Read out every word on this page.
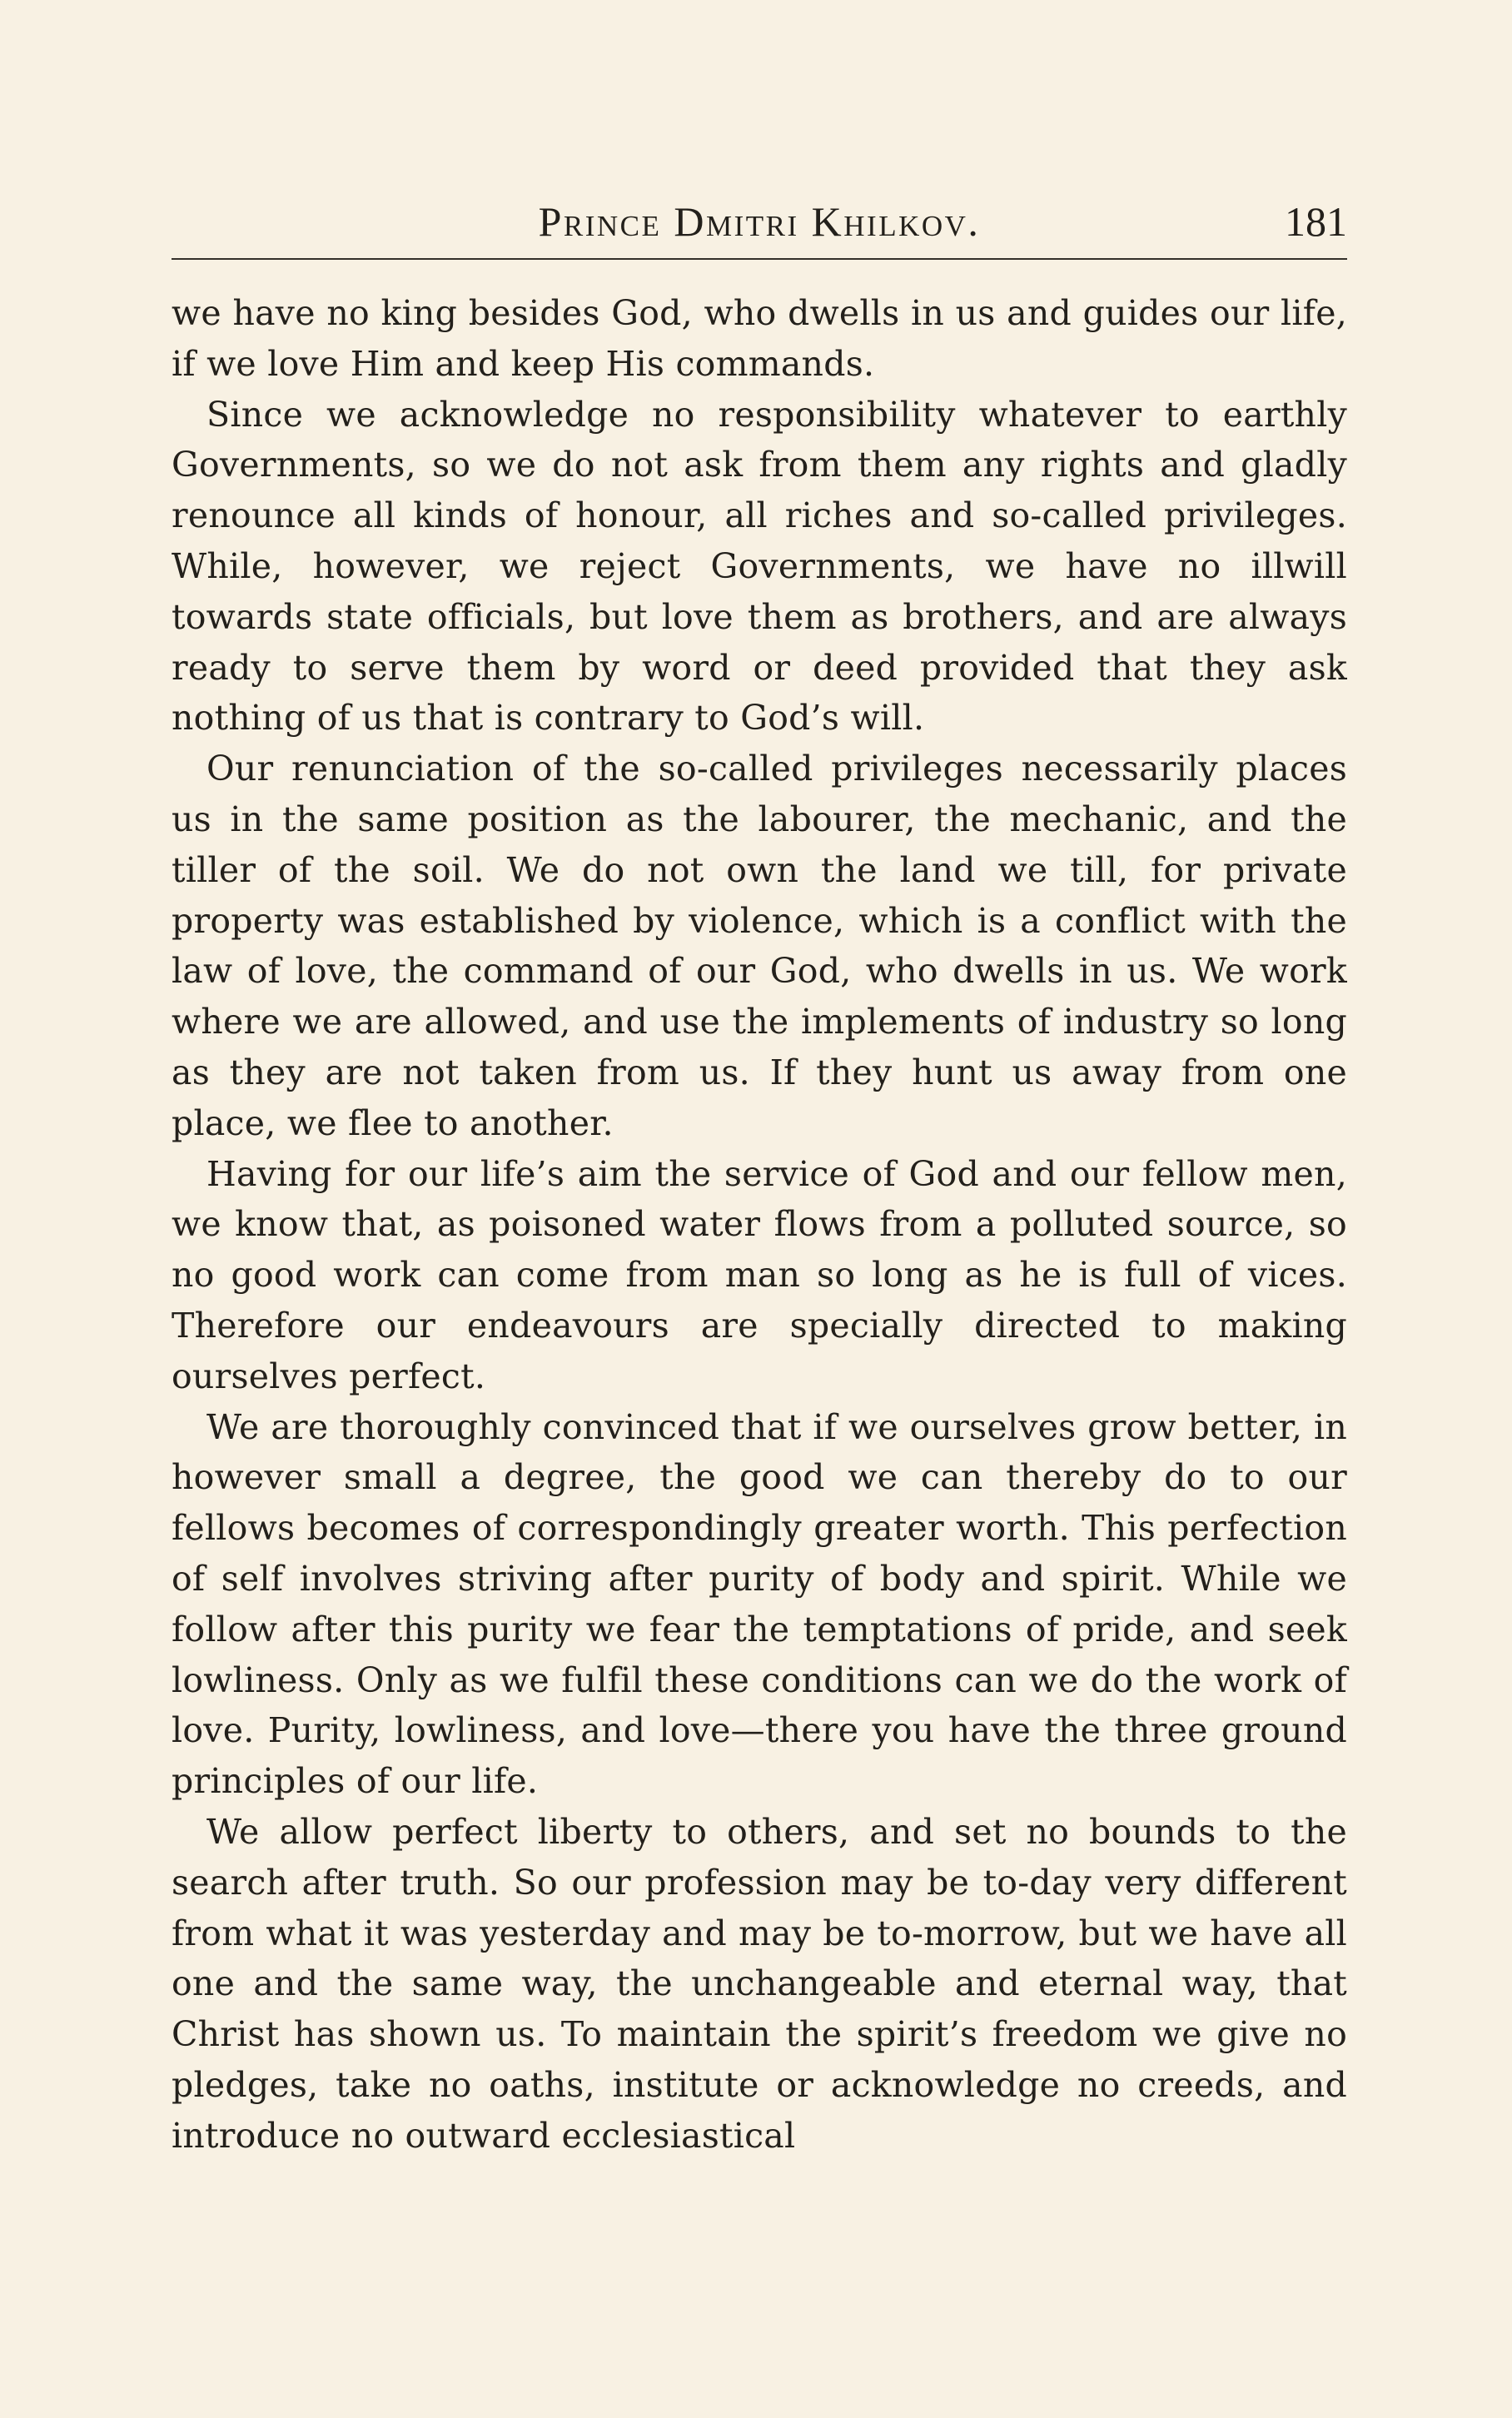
Prince Dmitri Khilkov.	181

we have no king besides God, who dwells in us and guides our life, if we love Him and keep His commands.

Since we acknowledge no responsibility whatever to earthly Governments, so we do not ask from them any rights and gladly renounce all kinds of honour, all riches and so-called privileges. While, however, we reject Governments, we have no illwill towards state officials, but love them as brothers, and are always ready to serve them by word or deed provided that they ask nothing of us that is contrary to God’s will.

Our renunciation of the so-called privileges necessarily places us in the same position as the labourer, the mechanic, and the tiller of the soil. We do not own the land we till, for private property was established by violence, which is a conflict with the law of love, the command of our God, who dwells in us. We work where we are allowed, and use the implements of industry so long as they are not taken from us. If they hunt us away from one place, we flee to another.

Having for our life’s aim the service of God and our fellow men, we know that, as poisoned water flows from a polluted source, so no good work can come from man so long as he is full of vices. Therefore our endeavours are specially directed to making ourselves perfect.

We are thoroughly convinced that if we ourselves grow better, in however small a degree, the good we can thereby do to our fellows becomes of correspondingly greater worth. This perfection of self involves striving after purity of body and spirit. While we follow after this purity we fear the temptations of pride, and seek lowliness. Only as we fulfil these conditions can we do the work of love. Purity, lowliness, and love—there you have the three ground principles of our life.

We allow perfect liberty to others, and set no bounds to the search after truth. So our profession may be to-day very different from what it was yesterday and may be to-morrow, but we have all one and the same way, the unchangeable and eternal way, that Christ has shown us. To maintain the spirit’s freedom we give no pledges, take no oaths, institute or acknowledge no creeds, and introduce no outward ecclesiastical
